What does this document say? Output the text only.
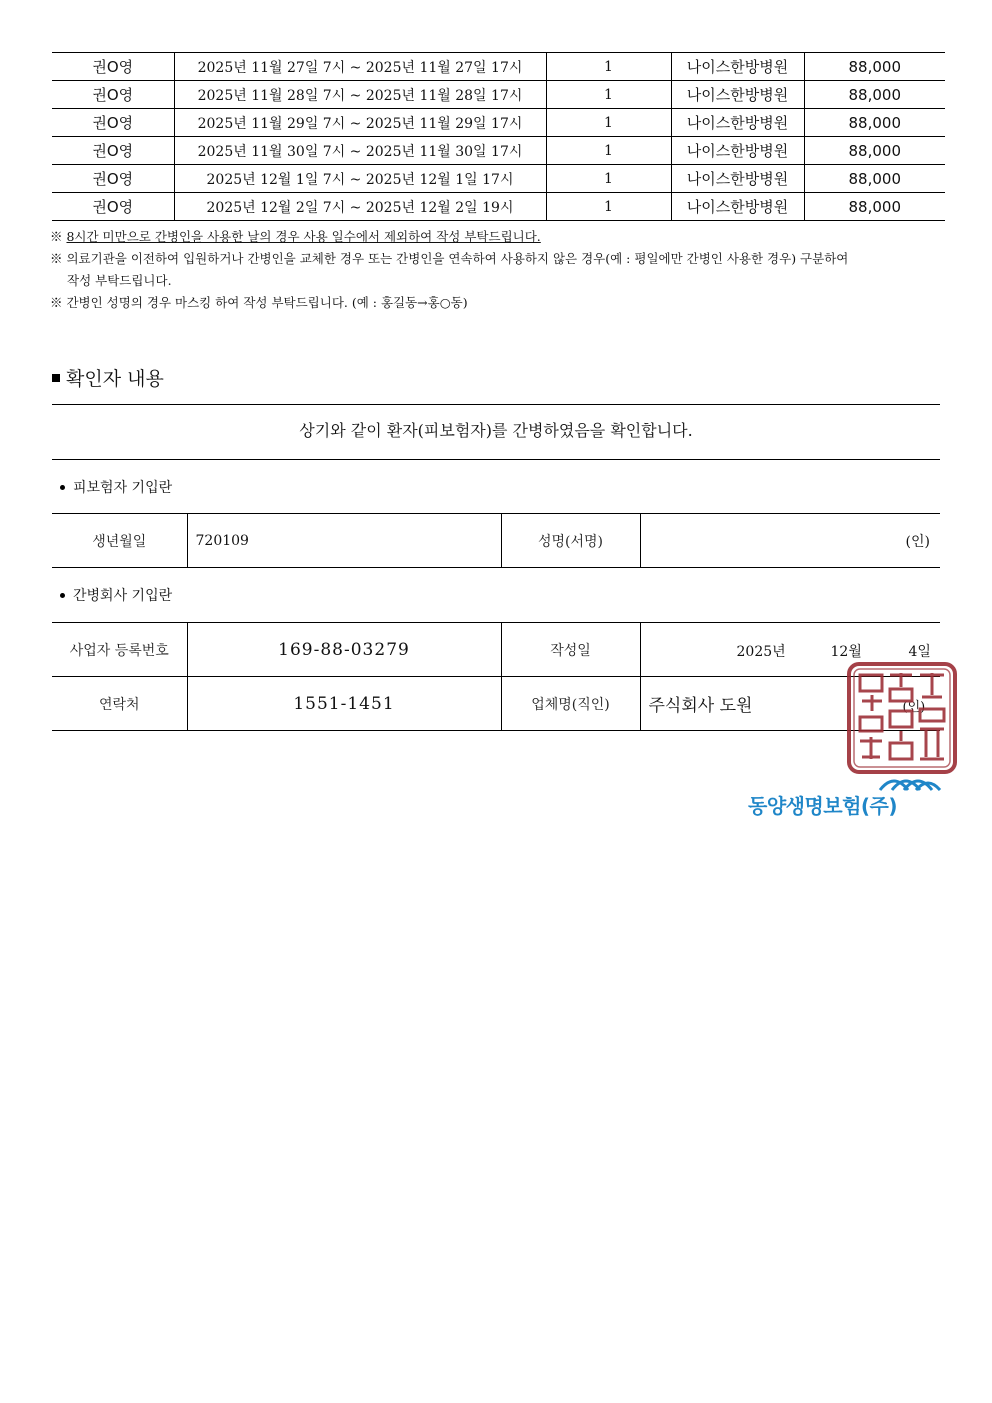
권O영	2025년 11월 27일 7시 ~ 2025년 11월 27일 17시	1	나이스한방병원	88,000
권O영	2025년 11월 28일 7시 ~ 2025년 11월 28일 17시	1	나이스한방병원	88,000
권O영	2025년 11월 29일 7시 ~ 2025년 11월 29일 17시	1	나이스한방병원	88,000
권O영	2025년 11월 30일 7시 ~ 2025년 11월 30일 17시	1	나이스한방병원	88,000
권O영	2025년 12월 1일 7시 ~ 2025년 12월 1일 17시	1	나이스한방병원	88,000
권O영	2025년 12월 2일 7시 ~ 2025년 12월 2일 19시	1	나이스한방병원	88,000

※ 8시간 미만으로 간병인을 사용한 날의 경우 사용 일수에서 제외하여 작성 부탁드립니다.

※ 의료기관을 이전하여 입원하거나 간병인을 교체한 경우 또는 간병인을 연속하여 사용하지 않은 경우(예 : 평일에만 간병인 사용한 경우) 구분하여

작성 부탁드립니다.

※ 간병인 성명의 경우 마스킹 하여 작성 부탁드립니다. (예 : 홍길동→홍○동)

확인자 내용
상기와 같이 환자(피보험자)를 간병하였음을 확인합니다.
피보험자 기입란
생년월일	720109	성명(서명)	(인)
간병회사 기입란
사업자 등록번호	169-88-03279	작성일	2025년 12월 4일

연락처	1551-1451	업체명(직인)	주식회사 도원 (인)
동양생명보험(주)
